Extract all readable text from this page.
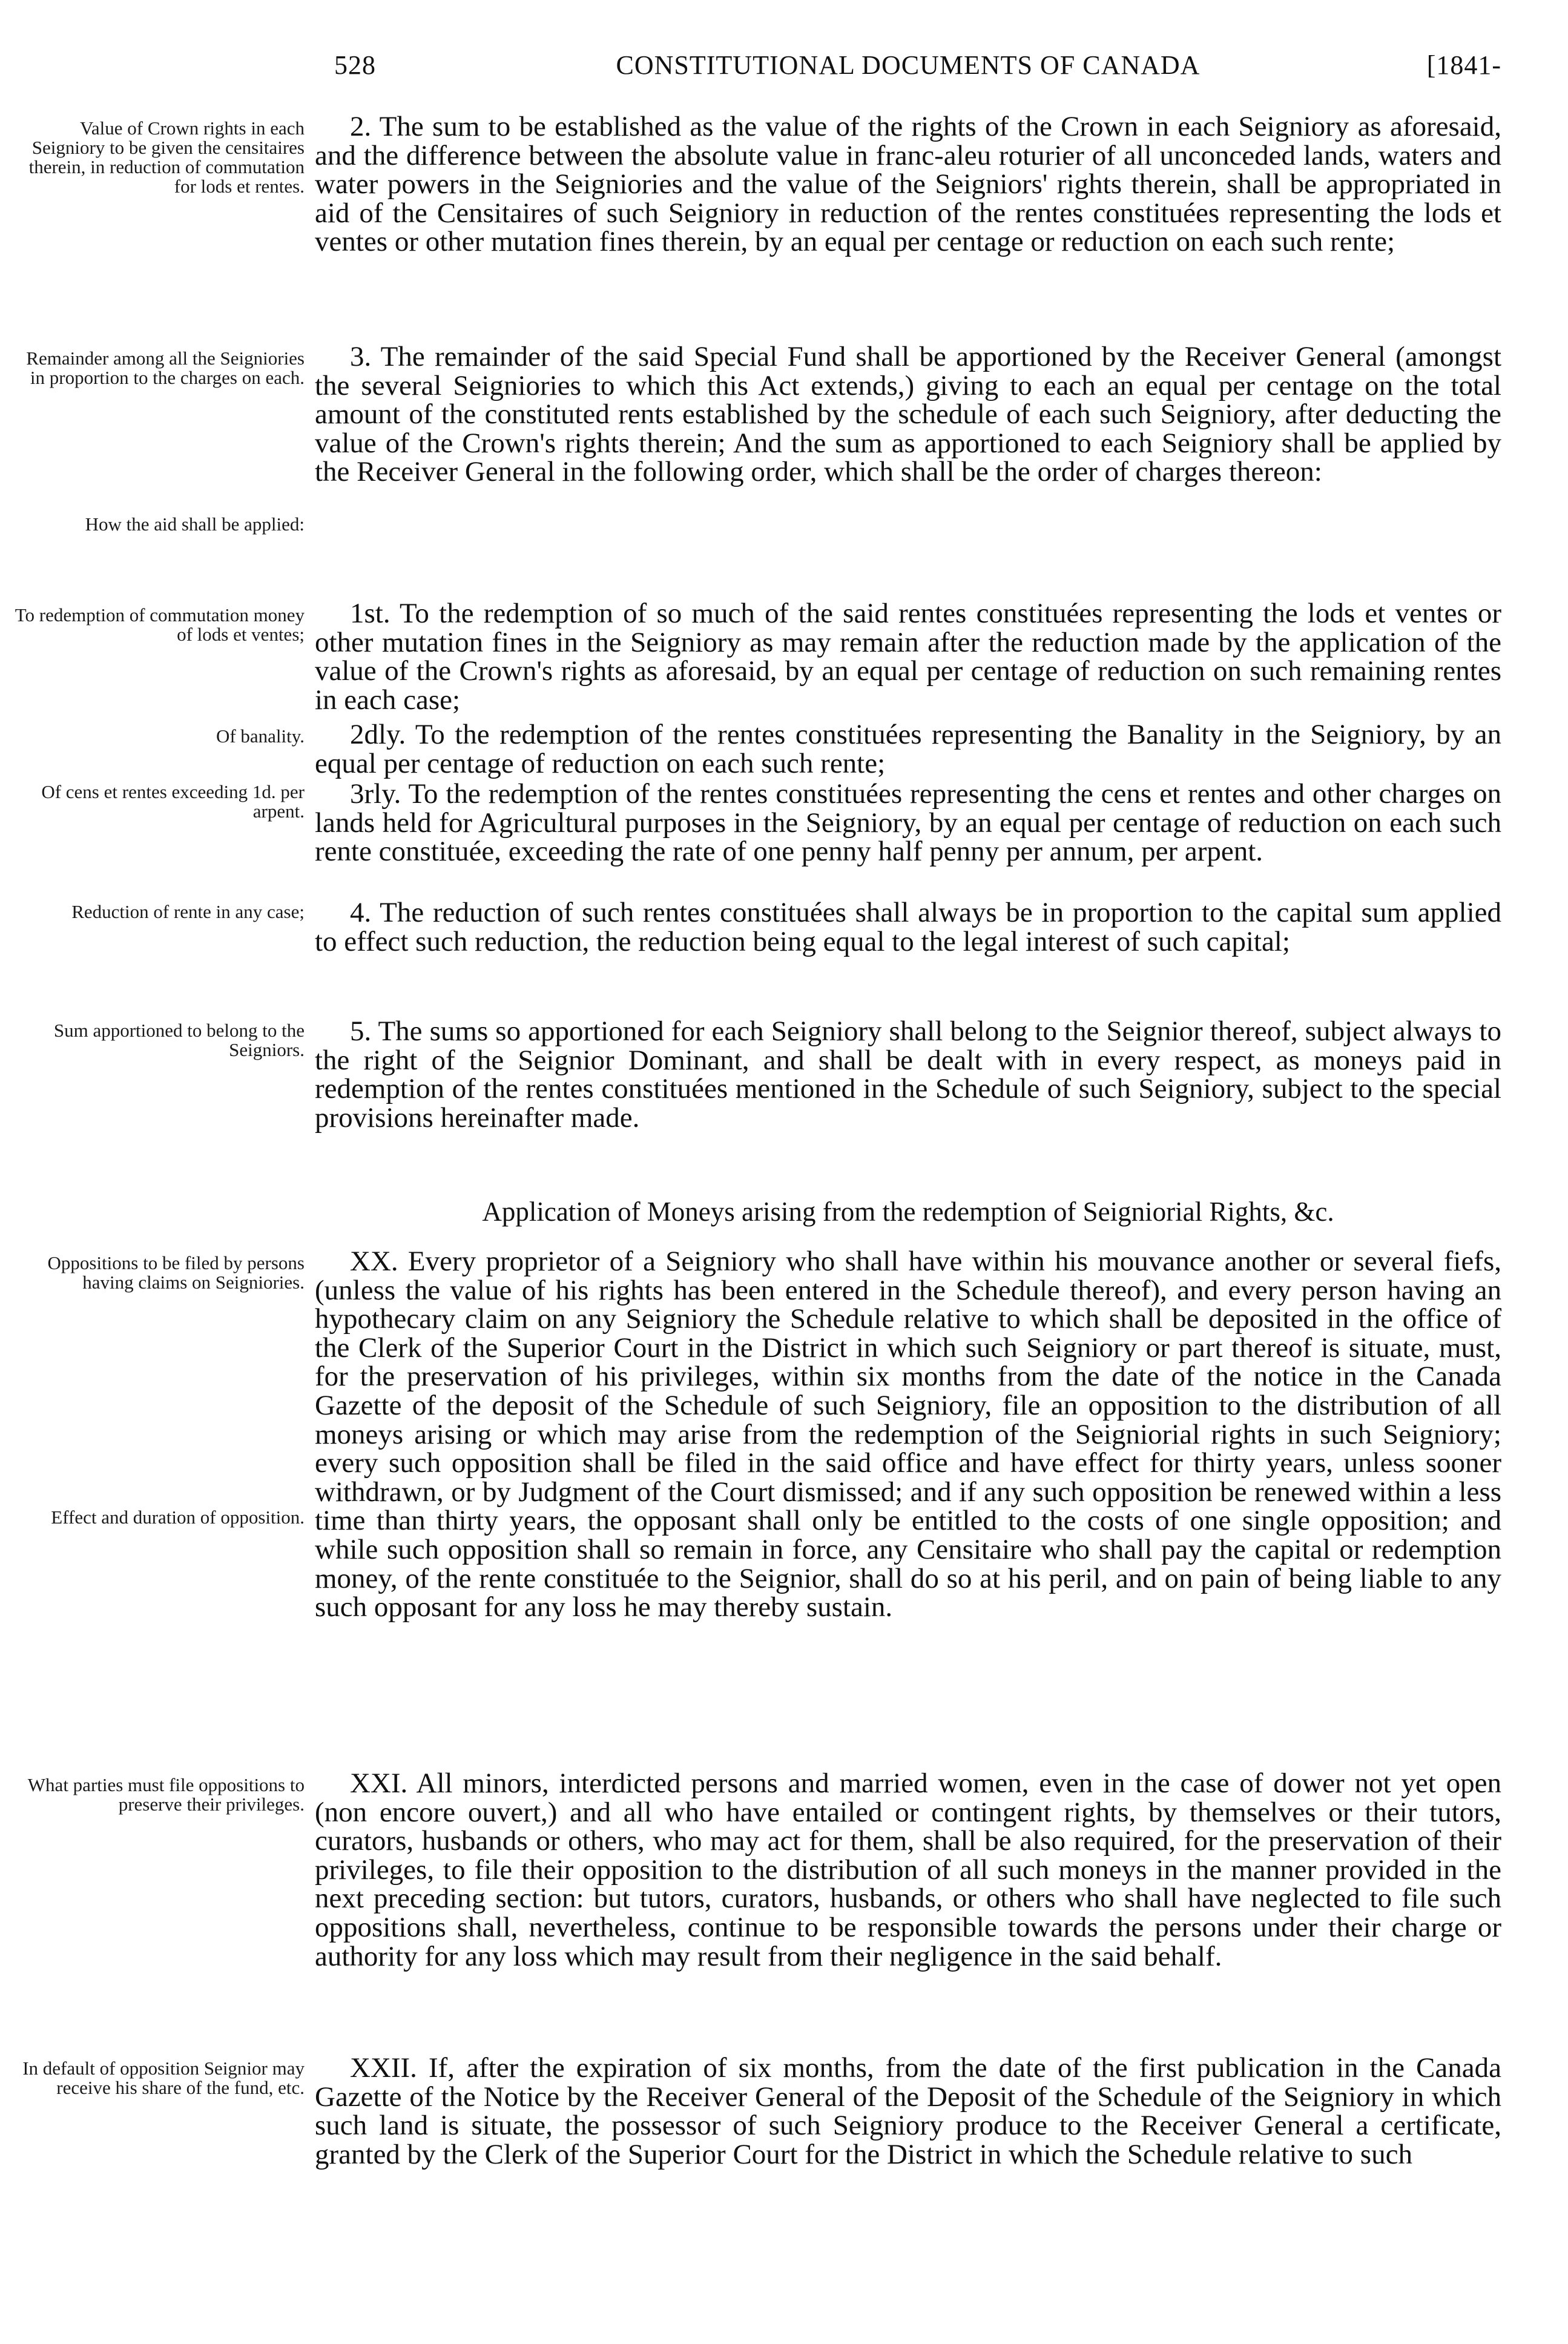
528	CONSTITUTIONAL DOCUMENTS OF CANADA	[1841-
Value of Crown rights in each Seigniory to be given the censitaires therein, in reduction of commutation for lods et rentes.

2. The sum to be established as the value of the rights of the Crown in each Seigniory as aforesaid, and the difference between the absolute value in franc-aleu roturier of all unconceded lands, waters and water powers in the Seigniories and the value of the Seigniors' rights therein, shall be appropriated in aid of the Censitaires of such Seigniory in reduction of the rentes constituées representing the lods et ventes or other mutation fines therein, by an equal per centage or reduction on each such rente;

Remainder among all the Seigniories in proportion to the charges on each.
How the aid shall be applied:

3. The remainder of the said Special Fund shall be apportioned by the Receiver General (amongst the several Seigniories to which this Act extends,) giving to each an equal per centage on the total amount of the constituted rents established by the schedule of each such Seigniory, after deducting the value of the Crown's rights therein; And the sum as apportioned to each Seigniory shall be applied by the Receiver General in the following order, which shall be the order of charges thereon:

To redemption of commutation money of lods et ventes;

1st. To the redemption of so much of the said rentes constituées representing the lods et ventes or other mutation fines in the Seigniory as may remain after the reduction made by the application of the value of the Crown's rights as aforesaid, by an equal per centage of reduction on such remaining rentes in each case;

Of banality.	2dly. To the redemption of the rentes constituées representing the Banality in the Seigniory, by an equal per centage of reduction on each such rente;

Of cens et rentes exceeding 1d. per arpent.

3rly. To the redemption of the rentes constituées representing the cens et rentes and other charges on lands held for Agricultural purposes in the Seigniory, by an equal per centage of reduction on each such rente constituée, exceeding the rate of one penny half penny per annum, per arpent.

Reduction of rente in any case;	4. The reduction of such rentes constituées shall always be in proportion to the capital sum applied to effect such reduction, the reduction being equal to the legal interest of such capital;

Sum apportioned to belong to the Seigniors.

5. The sums so apportioned for each Seigniory shall belong to the Seignior thereof, subject always to the right of the Seignior Dominant, and shall be dealt with in every respect, as moneys paid in redemption of the rentes constituées mentioned in the Schedule of such Seigniory, subject to the special provisions hereinafter made.

Application of Moneys arising from the redemption of Seigniorial Rights, &c.
Oppositions to be filed by persons having claims on Seigniories.
Effect and duration of opposition.

XX. Every proprietor of a Seigniory who shall have within his mouvance another or several fiefs, (unless the value of his rights has been entered in the Schedule thereof), and every person having an hypothecary claim on any Seigniory the Schedule relative to which shall be deposited in the office of the Clerk of the Superior Court in the District in which such Seigniory or part thereof is situate, must, for the preservation of his privileges, within six months from the date of the notice in the Canada Gazette of the deposit of the Schedule of such Seigniory, file an opposition to the distribution of all moneys arising or which may arise from the redemption of the Seigniorial rights in such Seigniory; every such opposition shall be filed in the said office and have effect for thirty years, unless sooner withdrawn, or by Judgment of the Court dismissed; and if any such opposition be renewed within a less time than thirty years, the opposant shall only be entitled to the costs of one single opposition; and while such opposition shall so remain in force, any Censitaire who shall pay the capital or redemption money, of the rente constituée to the Seignior, shall do so at his peril, and on pain of being liable to any such opposant for any loss he may thereby sustain.

What parties must file oppositions to preserve their privileges.

XXI. All minors, interdicted persons and married women, even in the case of dower not yet open (non encore ouvert,) and all who have entailed or contingent rights, by themselves or their tutors, curators, husbands or others, who may act for them, shall be also required, for the preservation of their privileges, to file their opposition to the distribution of all such moneys in the manner provided in the next preceding section: but tutors, curators, husbands, or others who shall have neglected to file such oppositions shall, nevertheless, continue to be responsible towards the persons under their charge or authority for any loss which may result from their negligence in the said behalf.

In default of opposition Seignior may receive his share of the fund, etc.

XXII. If, after the expiration of six months, from the date of the first publication in the Canada Gazette of the Notice by the Receiver General of the Deposit of the Schedule of the Seigniory in which such land is situate, the possessor of such Seigniory produce to the Receiver General a certificate, granted by the Clerk of the Superior Court for the District in which the Schedule relative to such
